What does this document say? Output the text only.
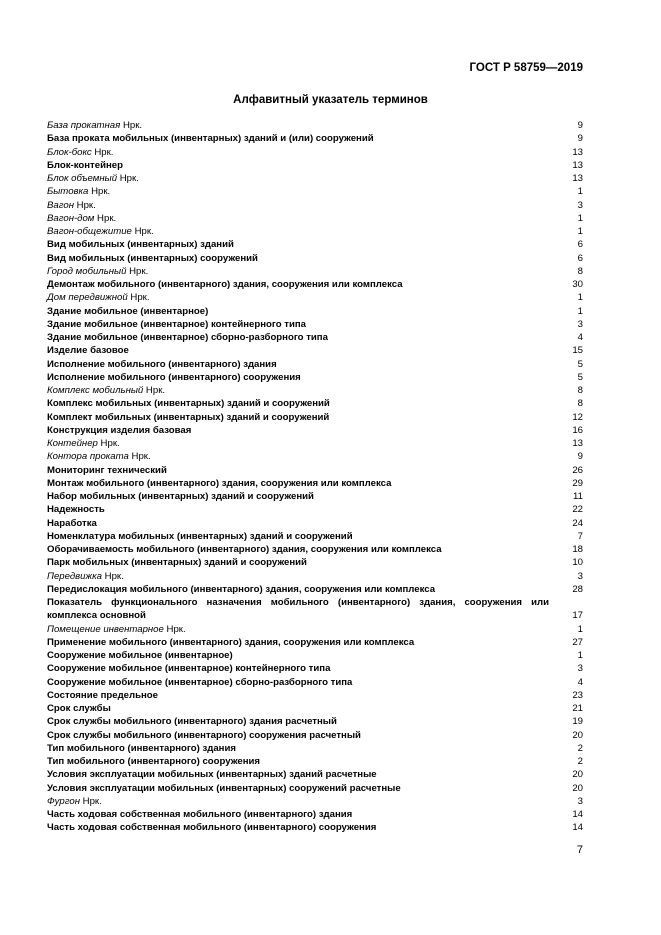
ГОСТ Р 58759—2019
Алфавитный указатель терминов
База прокатная Нрк.	9
База проката мобильных (инвентарных) зданий и (или) сооружений	9
Блок-бокс Нрк.	13
Блок-контейнер	13
Блок объемный Нрк.	13
Бытовка Нрк.	1
Вагон Нрк.	3
Вагон-дом Нрк.	1
Вагон-общежитие Нрк.	1
Вид мобильных (инвентарных) зданий	6
Вид мобильных (инвентарных) сооружений	6
Город мобильный Нрк.	8
Демонтаж мобильного (инвентарного) здания, сооружения или комплекса	30
Дом передвижной Нрк.	1
Здание мобильное (инвентарное)	1
Здание мобильное (инвентарное) контейнерного типа	3
Здание мобильное (инвентарное) сборно-разборного типа	4
Изделие базовое	15
Исполнение мобильного (инвентарного) здания	5
Исполнение мобильного (инвентарного) сооружения	5
Комплекс мобильный Нрк.	8
Комплекс мобильных (инвентарных) зданий и сооружений	8
Комплект мобильных (инвентарных) зданий и сооружений	12
Конструкция изделия базовая	16
Контейнер Нрк.	13
Контора проката Нрк.	9
Мониторинг технический	26
Монтаж мобильного (инвентарного) здания, сооружения или комплекса	29
Набор мобильных (инвентарных) зданий и сооружений	11
Надежность	22
Наработка	24
Номенклатура мобильных (инвентарных) зданий и сооружений	7
Оборачиваемость мобильного (инвентарного) здания, сооружения или комплекса	18
Парк мобильных (инвентарных) зданий и сооружений	10
Передвижка Нрк.	3
Передислокация мобильного (инвентарного) здания, сооружения или комплекса	28
Показатель функционального назначения мобильного (инвентарного) здания, сооружения или комплекса основной	17
Помещение инвентарное Нрк.	1
Применение мобильного (инвентарного) здания, сооружения или комплекса	27
Сооружение мобильное (инвентарное)	1
Сооружение мобильное (инвентарное) контейнерного типа	3
Сооружение мобильное (инвентарное) сборно-разборного типа	4
Состояние предельное	23
Срок службы	21
Срок службы мобильного (инвентарного) здания расчетный	19
Срок службы мобильного (инвентарного) сооружения расчетный	20
Тип мобильного (инвентарного) здания	2
Тип мобильного (инвентарного) сооружения	2
Условия эксплуатации мобильных (инвентарных) зданий расчетные	20
Условия эксплуатации мобильных (инвентарных) сооружений расчетные	20
Фургон Нрк.	3
Часть ходовая собственная мобильного (инвентарного) здания	14
Часть ходовая собственная мобильного (инвентарного) сооружения	14
7
